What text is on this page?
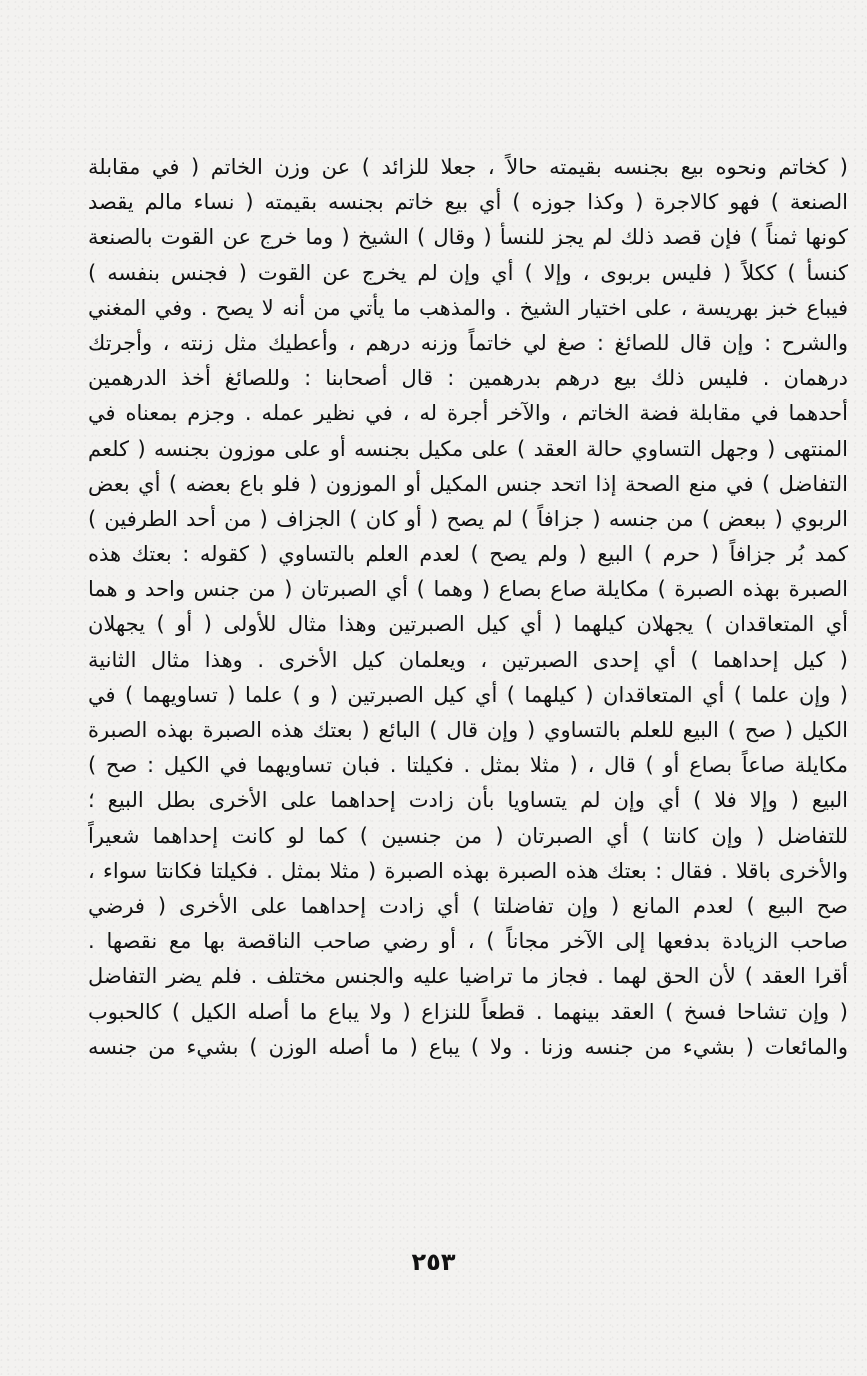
( كخاتم ونحوه بيع بجنسه بقيمته حالاً ، جعلا للزائد ) عن وزن الخاتم ( في مقابلة
الصنعة ) فهو كالاجرة ( وكذا جوزه ) أي بيع خاتم بجنسه بقيمته ( نساء مالم يقصد
كونها ثمناً ) فإن قصد ذلك لم يجز للنسأ ( وقال ) الشيخ ( وما خرج عن القوت بالصنعة
كنسأ ) ككلاً ( فليس بربوى ، وإلا ) أي وإن لم يخرج عن القوت ( فجنس بنفسه )
فيباع خبز بهريسة ، على اختيار الشيخ . والمذهب ما يأتي من أنه لا يصح . وفي المغني
والشرح : وإن قال للصائغ : صغ لي خاتماً وزنه درهم ، وأعطيك مثل زنته ، وأجرتك
درهمان . فليس ذلك بيع درهم بدرهمين : قال أصحابنا : وللصائغ أخذ الدرهمين
أحدهما في مقابلة فضة الخاتم ، والآخر أجرة له ، في نظير عمله . وجزم بمعناه في
المنتهى ( وجهل التساوي حالة العقد ) على مكيل بجنسه أو على موزون بجنسه ( كلعم
التفاضل ) في منع الصحة إذا اتحد جنس المكيل أو الموزون ( فلو باع بعضه ) أي بعض
الربوي ( ببعض ) من جنسه ( جزافاً ) لم يصح ( أو كان ) الجزاف ( من أحد الطرفين )
كمد بُر جزافاً ( حرم ) البيع ( ولم يصح ) لعدم العلم بالتساوي ( كقوله : بعتك هذه
الصبرة بهذه الصبرة ) مكايلة صاع بصاع ( وهما ) أي الصبرتان ( من جنس واحد و هما
أي المتعاقدان ) يجهلان كيلهما ( أي كيل الصبرتين وهذا مثال للأولى ( أو ) يجهلان
( كيل إحداهما ) أي إحدى الصبرتين ، ويعلمان كيل الأخرى . وهذا مثال الثانية
( وإن علما ) أي المتعاقدان ( كيلهما ) أي كيل الصبرتين ( و ) علما ( تساويهما ) في
الكيل ( صح ) البيع للعلم بالتساوي ( وإن قال ) البائع ( بعتك هذه الصبرة بهذه الصبرة
مكايلة صاعاً بصاع أو ) قال ، ( مثلا بمثل . فكيلتا . فبان تساويهما في الكيل : صح )
البيع ( وإلا فلا ) أي وإن لم يتساويا بأن زادت إحداهما على الأخرى بطل البيع ؛
للتفاضل ( وإن كانتا ) أي الصبرتان ( من جنسين ) كما لو كانت إحداهما شعيراً
والأخرى باقلا . فقال : بعتك هذه الصبرة بهذه الصبرة ( مثلا بمثل . فكيلتا فكانتا سواء ،
صح البيع ) لعدم المانع ( وإن تفاضلتا ) أي زادت إحداهما على الأخرى ( فرضي
صاحب الزيادة بدفعها إلى الآخر مجاناً ) ، أو رضي صاحب الناقصة بها مع نقصها .
أقرا العقد ) لأن الحق لهما . فجاز ما تراضيا عليه والجنس مختلف . فلم يضر التفاضل
( وإن تشاحا فسخ ) العقد بينهما . قطعاً للنزاع ( ولا يباع ما أصله الكيل ) كالحبوب
والمائعات ( بشيء من جنسه وزنا . ولا ) يباع ( ما أصله الوزن ) بشيء من جنسه
٢٥٣
